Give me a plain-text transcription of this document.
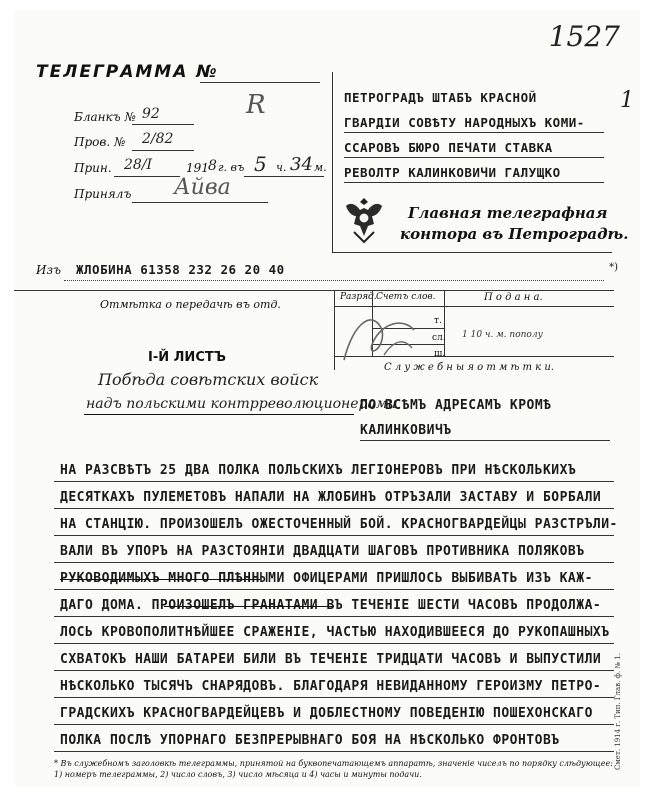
1527
1
ТЕЛЕГРАММА №
R
Бланкъ № 92
Пров. № 2/82
Прин. 28/I	191 8 г. въ 5 ч. 34 м.
Принялъ Айва
ПЕТРОГРАДЪ ШТАБЪ КРАСНОЙ
ГВАРДІИ СОВѢТУ НАРОДНЫХЪ КОМИ-
ССАРОВЪ БЮРО ПЕЧАТИ СТАВКА
РЕВОЛТР КАЛИНКОВИЧИ ГАЛУЩКО
Главная телеграфная
контора въ Петроградѣ.
Изъ ЖЛОБИНА 61358 232 26 20 40	*)
Отмѣтка о передачѣ въ отд.
Разряд. Счетъ слов.	П о д а н а.
т.
сл.
ш.
1 10 ч. м. пополу
С л у ж е б н ы я о т м ѣ т к и.
I-Й ЛИСТЪ
Побѣда совѣтских войск
надъ польскими контрреволюционерами
ПО ВСѢМЪ АДРЕСАМЪ КРОМѢ
КАЛИНКОВИЧЪ
НА РАЗСВѢТЪ 25 ДВА ПОЛКА ПОЛЬСКИХЪ ЛЕГІОНЕРОВЪ ПРИ НѢСКОЛЬКИХЪ
ДЕСЯТКАХЪ ПУЛЕМЕТОВЪ НАПАЛИ НА ЖЛОБИНЪ ОТРЪЗАЛИ ЗАСТАВУ И БОРБАЛИ
НА СТАНЦІЮ. ПРОИЗОШЕЛЪ ОЖЕСТОЧЕННЫЙ БОЙ. КРАСНОГВАРДЕЙЦЫ РАЗСТРЪЛИ-
ВАЛИ ВЪ УПОРЪ НА РАЗСТОЯНІИ ДВАДЦАТИ ШАГОВЪ ПРОТИВНИКА ПОЛЯКОВЪ
РУКОВОДИМЫХЪ МНОГО ПЛѢННЫМИ ОФИЦЕРАМИ ПРИШЛОСЬ ВЫБИВАТЬ ИЗЪ КАЖ-
ДАГО ДОМА. ПРОИЗОШЕЛЪ ГРАНАТАМИ ВЪ ТЕЧЕНІЕ ШЕСТИ ЧАСОВЪ ПРОДОЛЖА-
ЛОСЬ КРОВОПОЛИТНѢЙШЕЕ СРАЖЕНІЕ, ЧАСТЬЮ НАХОДИВШЕЕСЯ ДО РУКОПАШНЫХЪ
СХВАТОКЪ НАШИ БАТАРЕИ БИЛИ ВЪ ТЕЧЕНІЕ ТРИДЦАТИ ЧАСОВЪ И ВЫПУСТИЛИ
НѢСКОЛЬКО ТЫСЯЧЪ СНАРЯДОВЪ. БЛАГОДАРЯ НЕВИДАННОМУ ГЕРОИЗМУ ПЕТРО-
ГРАДСКИХЪ КРАСНОГВАРДЕЙЦЕВЪ И ДОБЛЕСТНОМУ ПОВЕДЕНІЮ ПОШЕХОНСКАГО
ПОЛКА ПОСЛѢ УПОРНАГО БЕЗПРЕРЫВНАГО БОЯ НА НѢСКОЛЬКО ФРОНТОВЪ
* Въ служебномъ заголовкѣ телеграммы, принятой на буквопечатающемъ аппаратѣ, значеніе чиселъ по порядку слѣдующее: 1) номеръ телеграммы, 2) число словъ, 3) число мѣсяца и 4) часы и минуты подачи.
Смет. 1914 г. Тип. Глав. ф. № 1.
